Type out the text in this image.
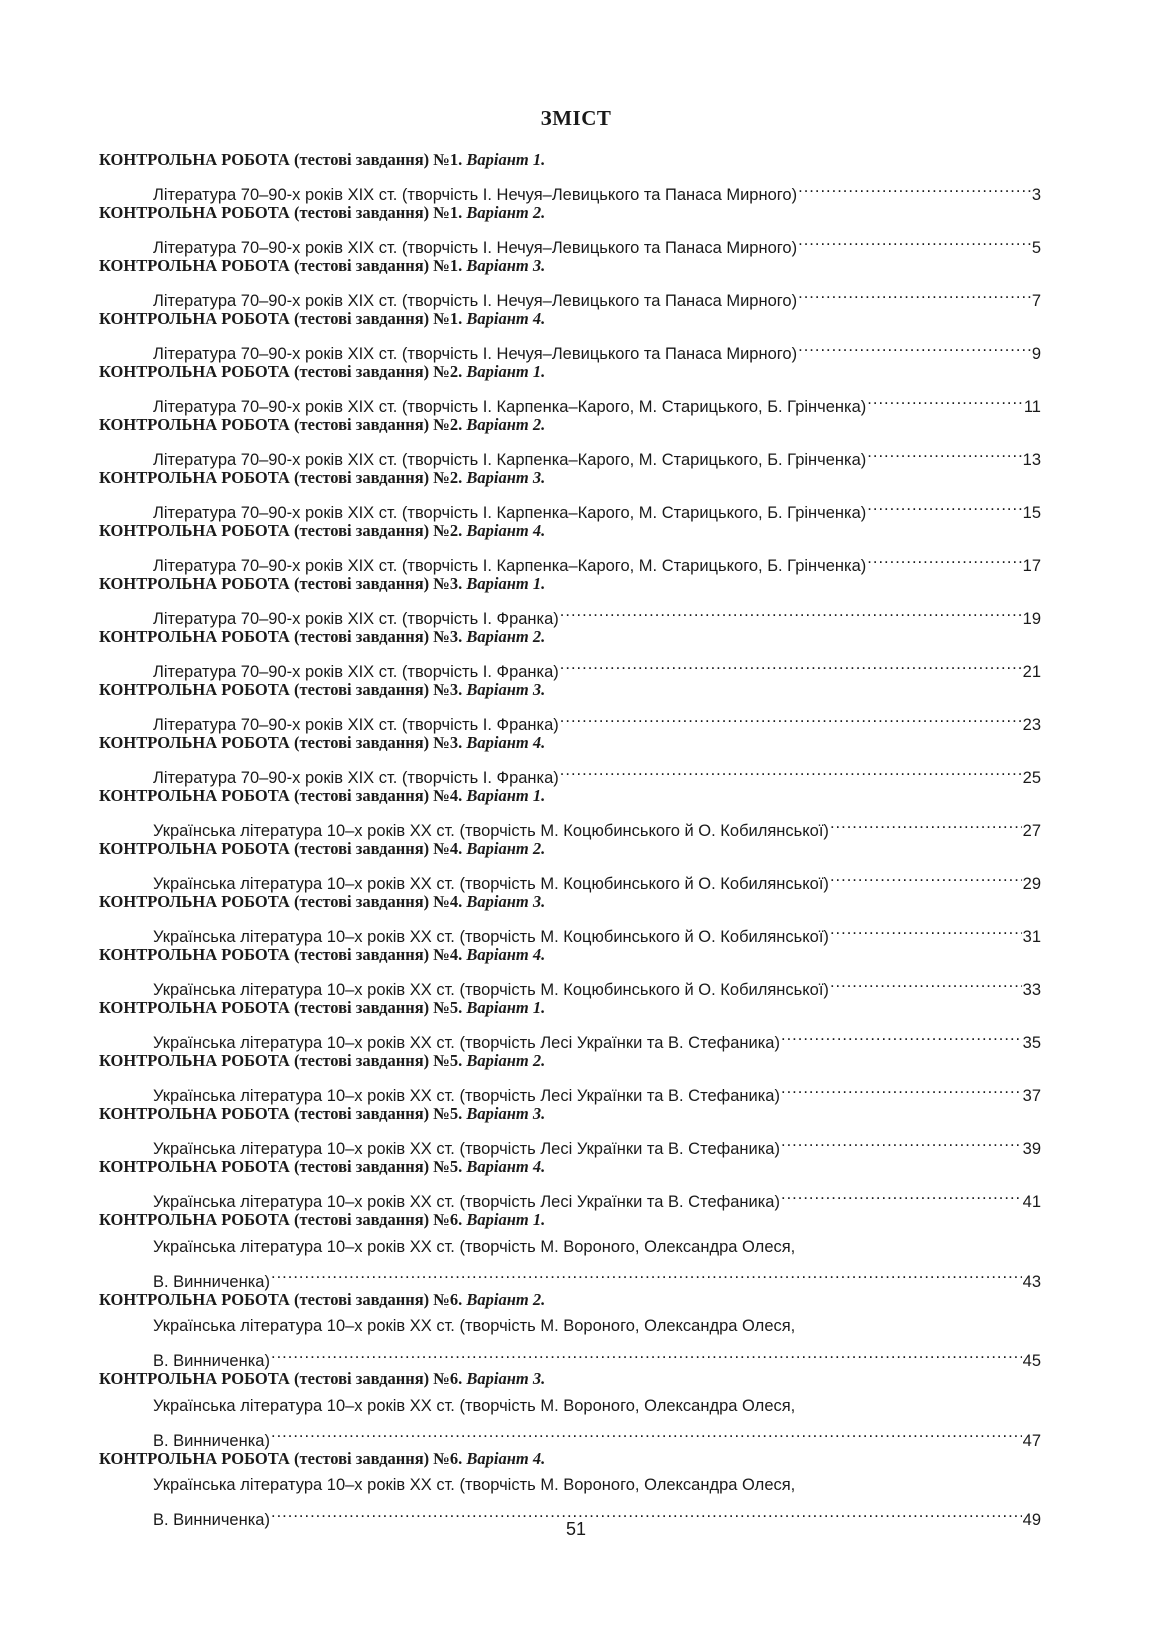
ЗМІСТ
КОНТРОЛЬНА РОБОТА (тестові завдання) №1. Варіант 1.
Література 70–90-х років ХІХ ст. (творчість І. Нечуя–Левицького та Панаса Мирного) .....	3
КОНТРОЛЬНА РОБОТА (тестові завдання) №1. Варіант 2.
Література 70–90-х років ХІХ ст. (творчість І. Нечуя–Левицького та Панаса Мирного) .....	5
КОНТРОЛЬНА РОБОТА (тестові завдання) №1. Варіант 3.
Література 70–90-х років ХІХ ст. (творчість І. Нечуя–Левицького та Панаса Мирного) .....	7
КОНТРОЛЬНА РОБОТА (тестові завдання) №1. Варіант 4.
Література 70–90-х років ХІХ ст. (творчість І. Нечуя–Левицького та Панаса Мирного) .....	9
КОНТРОЛЬНА РОБОТА (тестові завдання) №2. Варіант 1.
Література 70–90-х років ХІХ ст. (творчість І. Карпенка–Карого, М. Старицького, Б. Грінченка) .....	11
КОНТРОЛЬНА РОБОТА (тестові завдання) №2. Варіант 2.
Література 70–90-х років ХІХ ст. (творчість І. Карпенка–Карого, М. Старицького, Б. Грінченка) .....	13
КОНТРОЛЬНА РОБОТА (тестові завдання) №2. Варіант 3.
Література 70–90-х років ХІХ ст. (творчість І. Карпенка–Карого, М. Старицького, Б. Грінченка) .....	15
КОНТРОЛЬНА РОБОТА (тестові завдання) №2. Варіант 4.
Література 70–90-х років ХІХ ст. (творчість І. Карпенка–Карого, М. Старицького, Б. Грінченка) .....	17
КОНТРОЛЬНА РОБОТА (тестові завдання) №3. Варіант 1.
Література 70–90-х років ХІХ ст. (творчість І. Франка) .....	19
КОНТРОЛЬНА РОБОТА (тестові завдання) №3. Варіант 2.
Література 70–90-х років ХІХ ст. (творчість І. Франка) .....	21
КОНТРОЛЬНА РОБОТА (тестові завдання) №3. Варіант 3.
Література 70–90-х років ХІХ ст. (творчість І. Франка) .....	23
КОНТРОЛЬНА РОБОТА (тестові завдання) №3. Варіант 4.
Література 70–90-х років ХІХ ст. (творчість І. Франка) .....	25
КОНТРОЛЬНА РОБОТА (тестові завдання) №4. Варіант 1.
Українська література 10–х років ХХ ст. (творчість М. Коцюбинського й О. Кобилянської) .....	27
КОНТРОЛЬНА РОБОТА (тестові завдання) №4. Варіант 2.
Українська література 10–х років ХХ ст. (творчість М. Коцюбинського й О. Кобилянської) .....	29
КОНТРОЛЬНА РОБОТА (тестові завдання) №4. Варіант 3.
Українська література 10–х років ХХ ст. (творчість М. Коцюбинського й О. Кобилянської) .....	31
КОНТРОЛЬНА РОБОТА (тестові завдання) №4. Варіант 4.
Українська література 10–х років ХХ ст. (творчість М. Коцюбинського й О. Кобилянської) .....	33
КОНТРОЛЬНА РОБОТА (тестові завдання) №5. Варіант 1.
Українська література 10–х років ХХ ст. (творчість Лесі Українки та В. Стефаника) .....	35
КОНТРОЛЬНА РОБОТА (тестові завдання) №5. Варіант 2.
Українська література 10–х років ХХ ст. (творчість Лесі Українки та В. Стефаника) .....	37
КОНТРОЛЬНА РОБОТА (тестові завдання) №5. Варіант 3.
Українська література 10–х років ХХ ст. (творчість Лесі Українки та В. Стефаника) .....	39
КОНТРОЛЬНА РОБОТА (тестові завдання) №5. Варіант 4.
Українська література 10–х років ХХ ст. (творчість Лесі Українки та В. Стефаника) .....	41
КОНТРОЛЬНА РОБОТА (тестові завдання) №6. Варіант 1.
Українська література 10–х років ХХ ст. (творчість М. Вороного, Олександра Олеся,
В. Винниченка) .....	43
КОНТРОЛЬНА РОБОТА (тестові завдання) №6. Варіант 2.
Українська література 10–х років ХХ ст. (творчість М. Вороного, Олександра Олеся,
В. Винниченка) .....	45
КОНТРОЛЬНА РОБОТА (тестові завдання) №6. Варіант 3.
Українська література 10–х років ХХ ст. (творчість М. Вороного, Олександра Олеся,
В. Винниченка) .....	47
КОНТРОЛЬНА РОБОТА (тестові завдання) №6. Варіант 4.
Українська література 10–х років ХХ ст. (творчість М. Вороного, Олександра Олеся,
В. Винниченка) .....	49
51
